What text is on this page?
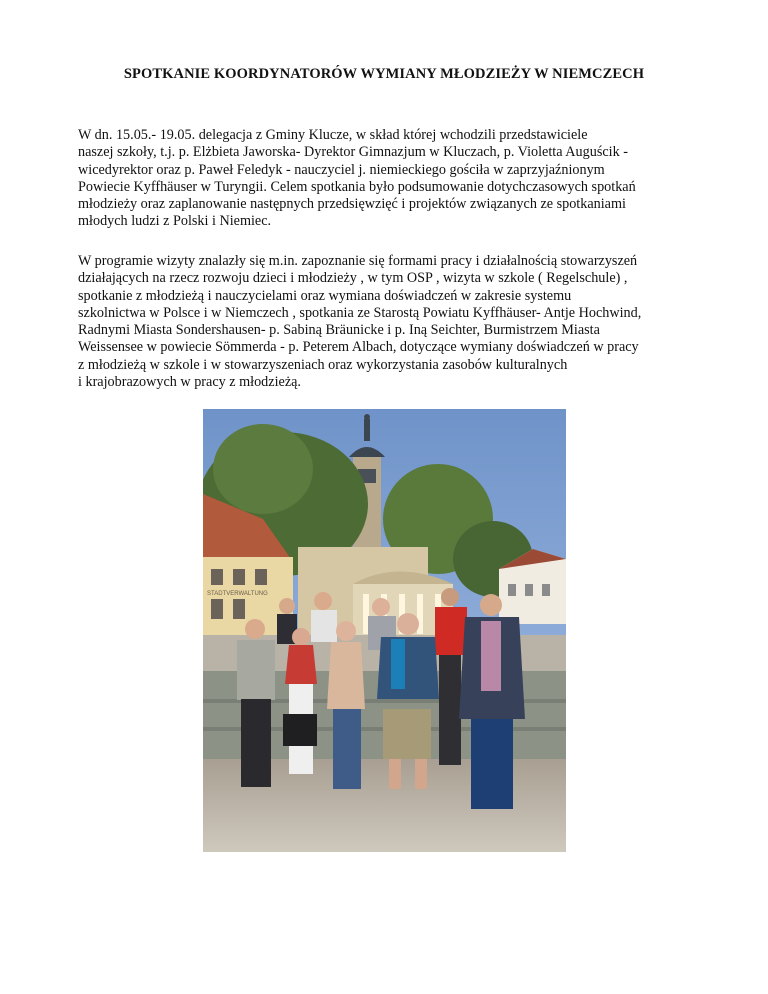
SPOTKANIE KOORDYNATORÓW WYMIANY MŁODZIEŻY W NIEMCZECH
W dn. 15.05.- 19.05. delegacja z Gminy Klucze, w skład której wchodzili przedstawiciele
naszej szkoły, t.j. p. Elżbieta Jaworska- Dyrektor Gimnazjum w Kluczach, p. Violetta Auguścik -
wicedyrektor oraz p. Paweł Feledyk - nauczyciel j. niemieckiego gościła w zaprzyjaźnionym
Powiecie Kyffhäuser w Turyngii. Celem spotkania było podsumowanie dotychczasowych spotkań
młodzieży oraz zaplanowanie następnych przedsięwzięć i projektów związanych ze spotkaniami
młodych ludzi z Polski i Niemiec.
W programie wizyty znalazły się m.in. zapoznanie się formami pracy i działalnością stowarzyszeń
działających na rzecz rozwoju dzieci i młodzieży , w tym OSP , wizyta w szkole ( Regelschule) ,
spotkanie z młodzieżą i nauczycielami oraz wymiana doświadczeń w zakresie systemu
szkolnictwa w Polsce i w Niemczech , spotkania ze Starostą Powiatu Kyffhäuser- Antje Hochwind,
Radnymi Miasta Sondershausen- p. Sabiną Bräunicke i p. Iną Seichter, Burmistrzem Miasta
Weissensee w powiecie Sömmerda - p. Peterem Albach, dotyczące wymiany doświadczeń w pracy
z młodzieżą w szkole i w stowarzyszeniach oraz wykorzystania zasobów kulturalnych
i krajobrazowych w pracy z młodzieżą.
STADTVERWALTUNG
